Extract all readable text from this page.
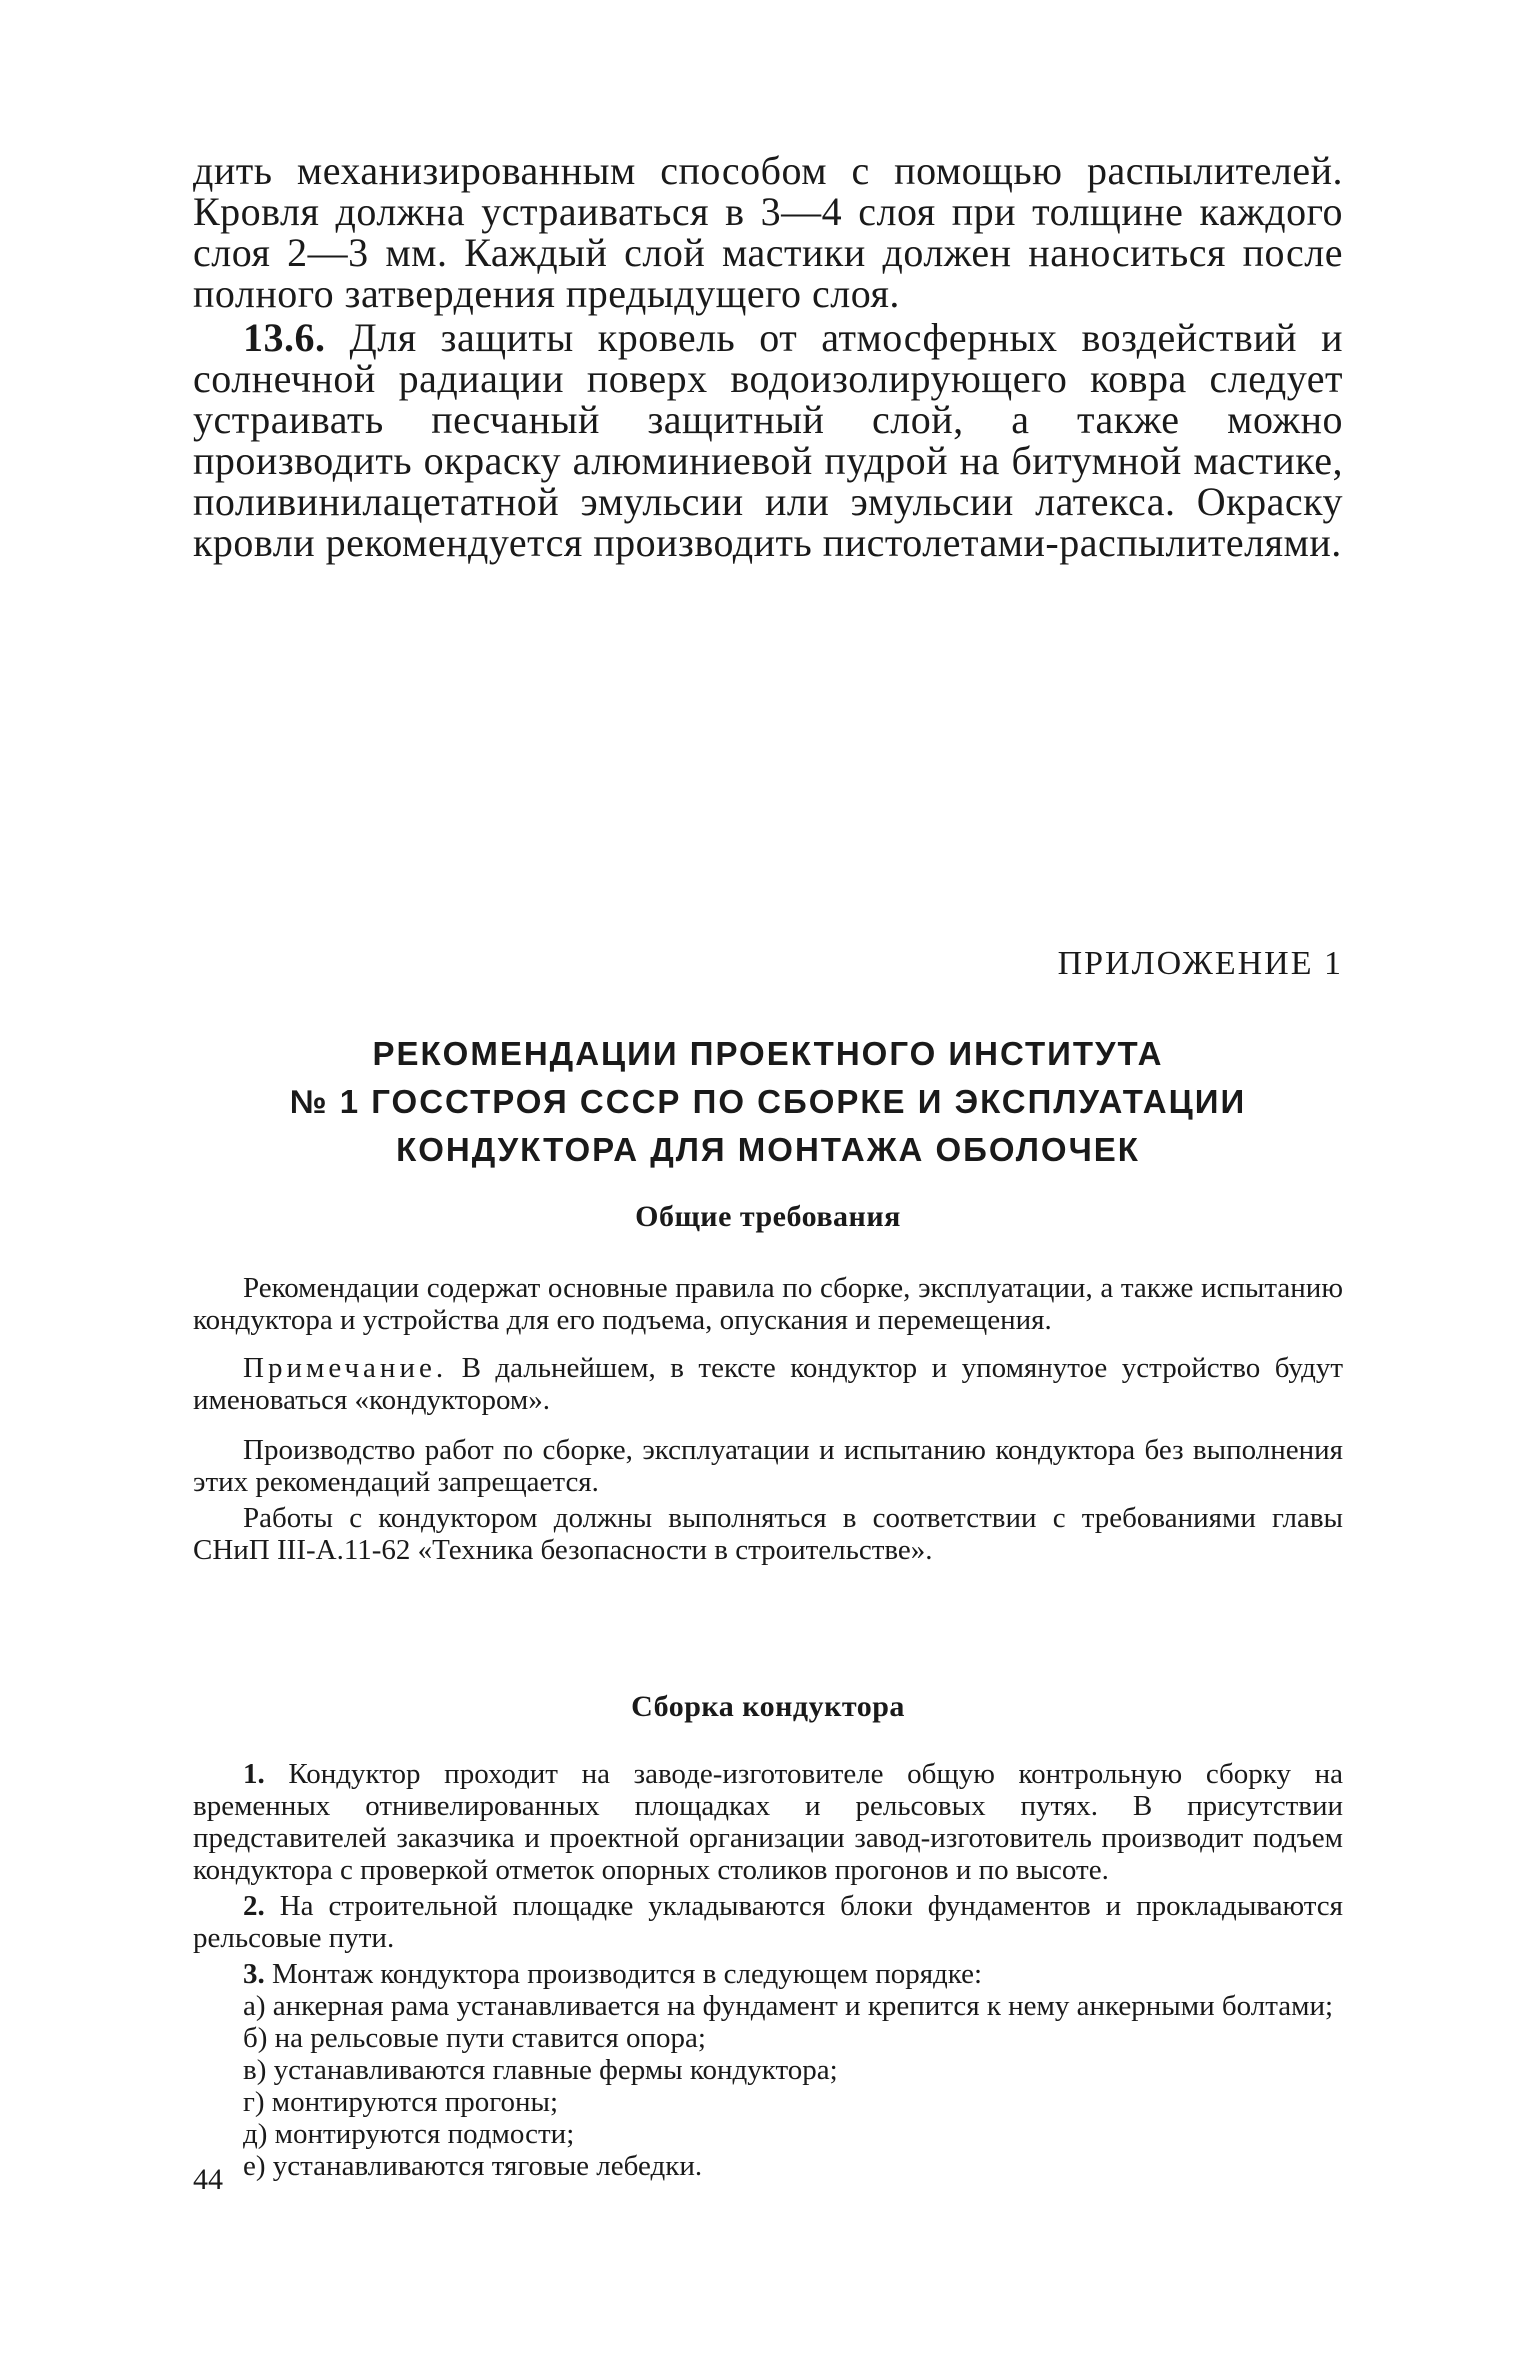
дить механизированным способом с помощью распылителей. Кровля должна устраиваться в 3—4 слоя при толщине каждого слоя 2—3 мм. Каждый слой мастики должен наноситься после полного затвердения предыдущего слоя.

13.6. Для защиты кровель от атмосферных воздействий и солнечной радиации поверх водоизолирующего ковра следует устраивать песчаный защитный слой, а также можно производить окраску алюминиевой пудрой на битумной мастике, поливинилацетатной эмульсии или эмульсии латекса. Окраску кровли рекомендуется производить пистолетами-распылителями.

ПРИЛОЖЕНИЕ 1
РЕКОМЕНДАЦИИ ПРОЕКТНОГО ИНСТИТУТА
№ 1 ГОССТРОЯ СССР ПО СБОРКЕ И ЭКСПЛУАТАЦИИ
КОНДУКТОРА ДЛЯ МОНТАЖА ОБОЛОЧЕК
Общие требования

Рекомендации содержат основные правила по сборке, эксплуатации, а также испытанию кондуктора и устройства для его подъема, опускания и перемещения.

Примечание. В дальнейшем, в тексте кондуктор и упомянутое устройство будут именоваться «кондуктором».

Производство работ по сборке, эксплуатации и испытанию кондуктора без выполнения этих рекомендаций запрещается.

Работы с кондуктором должны выполняться в соответствии с требованиями главы СНиП III-А.11-62 «Техника безопасности в строительстве».

Сборка кондуктора

1. Кондуктор проходит на заводе-изготовителе общую контрольную сборку на временных отнивелированных площадках и рельсовых путях. В присутствии представителей заказчика и проектной организации завод-изготовитель производит подъем кондуктора с проверкой отметок опорных столиков прогонов и по высоте.

2. На строительной площадке укладываются блоки фундаментов и прокладываются рельсовые пути.

3. Монтаж кондуктора производится в следующем порядке:

а) анкерная рама устанавливается на фундамент и крепится к нему анкерными болтами;

б) на рельсовые пути ставится опора;

в) устанавливаются главные фермы кондуктора;

г) монтируются прогоны;

д) монтируются подмости;

е) устанавливаются тяговые лебедки.

44
